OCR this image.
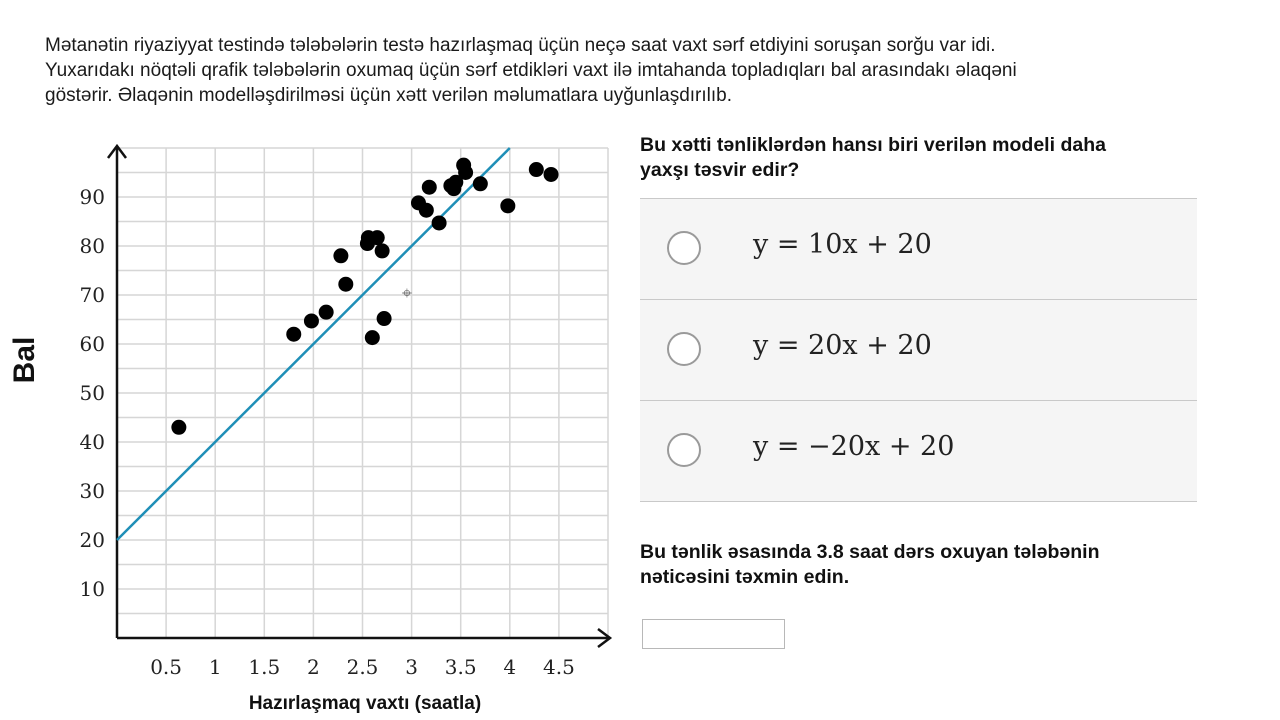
Mətanətin riyaziyyat testində tələbələrin testə hazırlaşmaq üçün neçə saat vaxt sərf etdiyini soruşan sorğu var idi.
Yuxarıdakı nöqtəli qrafik tələbələrin oxumaq üçün sərf etdikləri vaxt ilə imtahanda topladıqları bal arasındakı əlaqəni
göstərir. Əlaqənin modelləşdirilməsi üçün xətt verilən məlumatlara uyğunlaşdırılıb.
0.5 1 1.5 2 2.5 3 3.5 4 4.5
10
20
30
40
50
60
70
80
90
Bal
Hazırlaşmaq vaxtı (saatla)
⌖
Bu xətti tənliklərdən hansı biri verilən modeli daha
yaxşı təsvir edir?
y = 10x + 20
y = 20x + 20
y = −20x + 20
Bu tənlik əsasında 3.8 saat dərs oxuyan tələbənin
nəticəsini təxmin edin.
